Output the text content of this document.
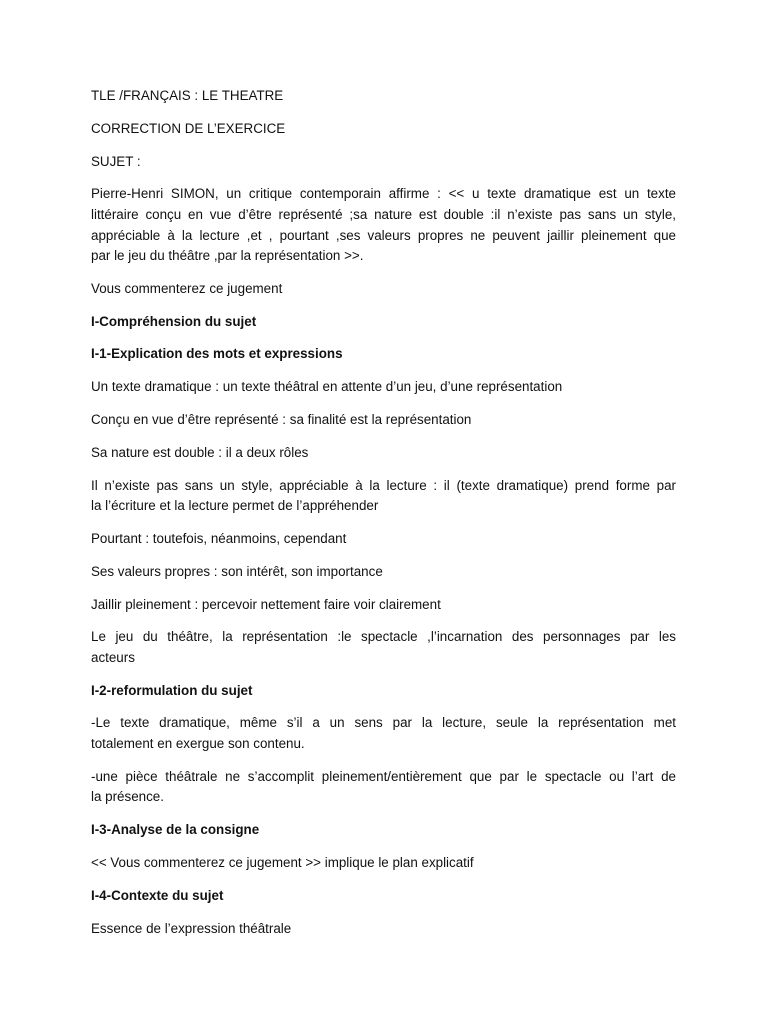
TLE /FRANÇAIS : LE THEATRE

CORRECTION DE L’EXERCICE

SUJET :

Pierre-Henri SIMON, un critique contemporain affirme : << u texte dramatique est un texte
littéraire conçu en vue d’être représenté ;sa nature est double :il n’existe pas sans un style,
appréciable à la lecture ,et , pourtant ,ses valeurs propres ne peuvent jaillir pleinement que
par le jeu du théâtre ,par la représentation >>.

Vous commenterez ce jugement

I-Compréhension du sujet

I-1-Explication des mots et expressions

Un texte dramatique : un texte théâtral en attente d’un jeu, d’une représentation

Conçu en vue d’être représenté : sa finalité est la représentation

Sa nature est double : il a deux rôles

Il n’existe pas sans un style, appréciable à la lecture : il (texte dramatique) prend forme par
la l’écriture et la lecture permet de l’appréhender

Pourtant : toutefois, néanmoins, cependant

Ses valeurs propres : son intérêt, son importance

Jaillir pleinement : percevoir nettement faire voir clairement

Le jeu du théâtre, la représentation :le spectacle ,l’incarnation des personnages par les
acteurs

I-2-reformulation du sujet

-Le texte dramatique, même s’il a un sens par la lecture, seule la représentation met
totalement en exergue son contenu.

-une pièce théâtrale ne s’accomplit pleinement/entièrement que par le spectacle ou l’art de
la présence.

I-3-Analyse de la consigne

<< Vous commenterez ce jugement >> implique le plan explicatif

I-4-Contexte du sujet

Essence de l’expression théâtrale
